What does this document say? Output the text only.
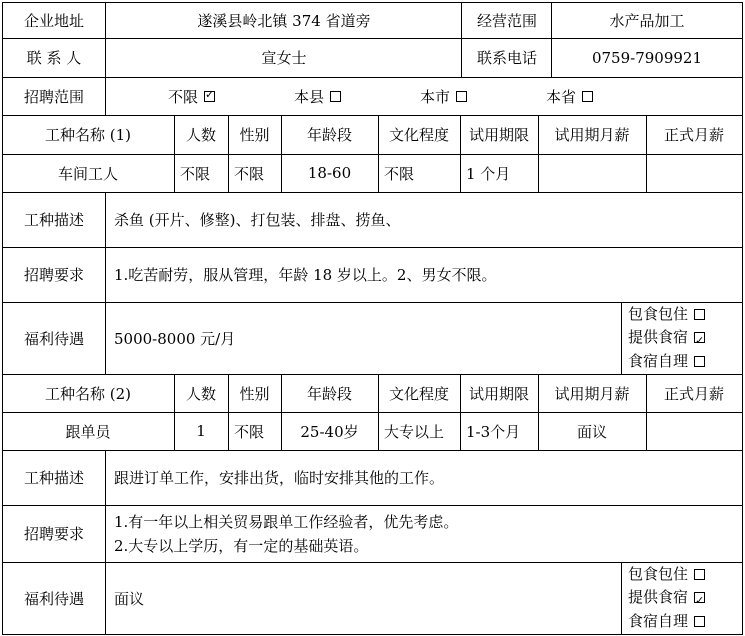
企业地址	遂溪县岭北镇 374 省道旁	经营范围	水产品加工
联 系 人	宣女士	联系电话	0759-7909921
招聘范围	不限
✓	本县	本市	本省
工种名称 (1)	人数	性别	年龄段	文化程度	试用期限	试用期月薪	正式月薪
车间工人	不限	不限	18-60	不限	1 个月
工种描述	杀鱼 (开片、修整)、打包装、排盘、捞鱼、
招聘要求	1.吃苦耐劳，服从管理，年龄 18 岁以上。2、男女不限。
福利待遇	5000-8000 元/月
包食包住
提供食宿✓
食宿自理
工种名称 (2)	人数	性别	年龄段	文化程度	试用期限	试用期月薪	正式月薪
跟单员	1	不限	25-40岁	大专以上	1-3个月	面议
工种描述	跟进订单工作，安排出货，临时安排其他的工作。
招聘要求
1.有一年以上相关贸易跟单工作经验者，优先考虑。
2.大专以上学历，有一定的基础英语。
福利待遇	面议
包食包住
提供食宿✓
食宿自理
